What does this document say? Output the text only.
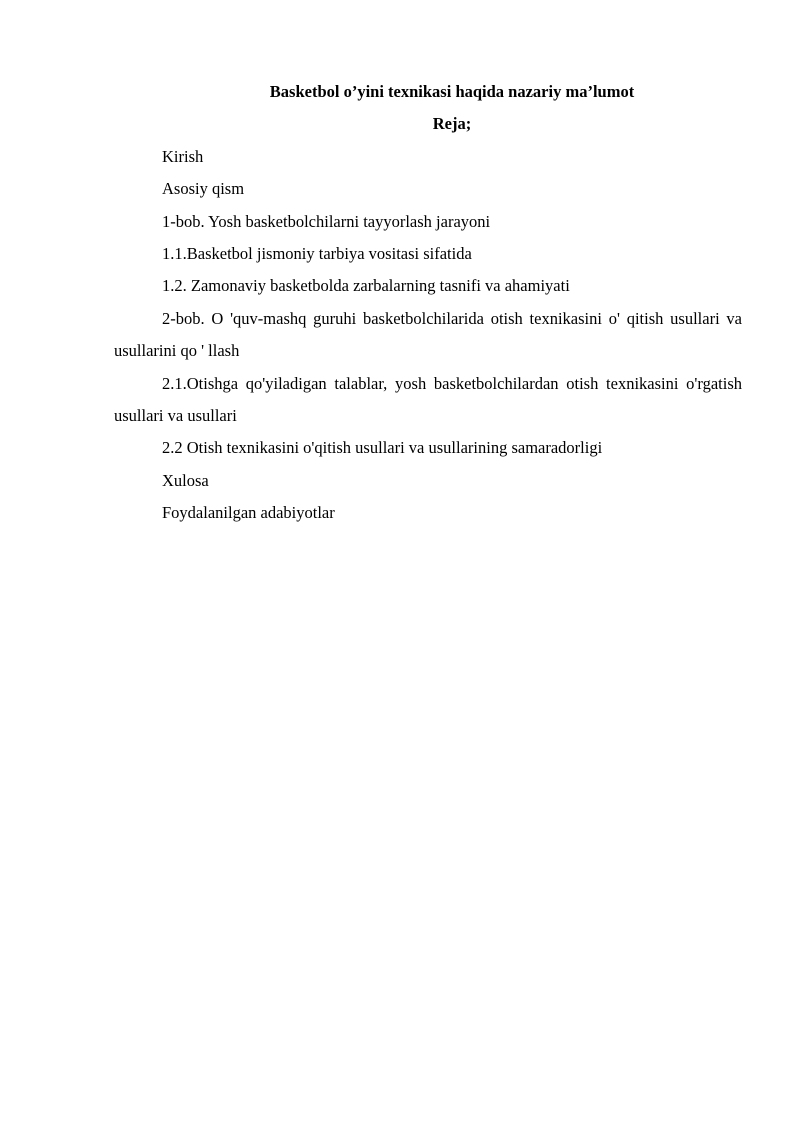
Basketbol o’yini texnikasi haqida nazariy ma’lumot

Reja;

Kirish

Asosiy qism

1-bob. Yosh basketbolchilarni tayyorlash jarayoni

1.1.Basketbol jismoniy tarbiya vositasi sifatida

1.2. Zamonaviy basketbolda zarbalarning tasnifi va ahamiyati

2-bob. O 'quv-mashq guruhi basketbolchilarida otish texnikasini o' qitish usullari va usullarini qo ' llash

2.1.Otishga qo'yiladigan talablar, yosh basketbolchilardan otish texnikasini o'rgatish usullari va usullari

2.2 Otish texnikasini o'qitish usullari va usullarining samaradorligi

Xulosa

Foydalanilgan adabiyotlar
